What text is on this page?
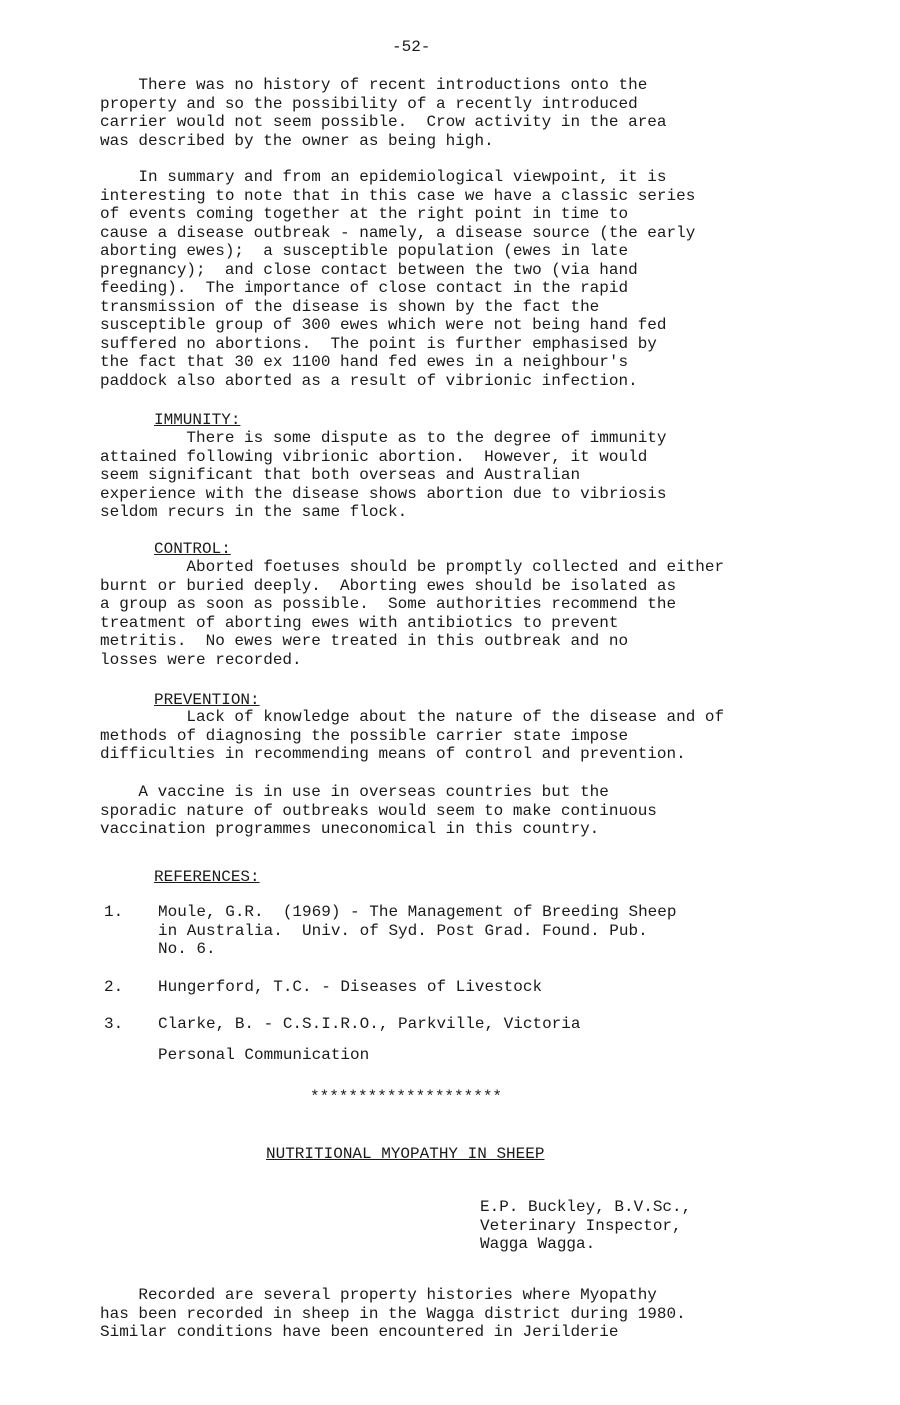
-52-
There was no history of recent introductions onto the
property and so the possibility of a recently introduced
carrier would not seem possible.  Crow activity in the area
was described by the owner as being high.
In summary and from an epidemiological viewpoint, it is
interesting to note that in this case we have a classic series
of events coming together at the right point in time to
cause a disease outbreak - namely, a disease source (the early
aborting ewes);  a susceptible population (ewes in late
pregnancy);  and close contact between the two (via hand
feeding).  The importance of close contact in the rapid
transmission of the disease is shown by the fact the
susceptible group of 300 ewes which were not being hand fed
suffered no abortions.  The point is further emphasised by
the fact that 30 ex 1100 hand fed ewes in a neighbour's
paddock also aborted as a result of vibrionic infection.
IMMUNITY:
There is some dispute as to the degree of immunity
attained following vibrionic abortion.  However, it would
seem significant that both overseas and Australian
experience with the disease shows abortion due to vibriosis
seldom recurs in the same flock.
CONTROL:
Aborted foetuses should be promptly collected and either
burnt or buried deeply.  Aborting ewes should be isolated as
a group as soon as possible.  Some authorities recommend the
treatment of aborting ewes with antibiotics to prevent
metritis.  No ewes were treated in this outbreak and no
losses were recorded.
PREVENTION:
Lack of knowledge about the nature of the disease and of
methods of diagnosing the possible carrier state impose
difficulties in recommending means of control and prevention.
A vaccine is in use in overseas countries but the
sporadic nature of outbreaks would seem to make continuous
vaccination programmes uneconomical in this country.
REFERENCES:
1. Moule, G.R.  (1969) - The Management of Breeding Sheep
in Australia.  Univ. of Syd. Post Grad. Found. Pub.
No. 6.
2. Hungerford, T.C. - Diseases of Livestock
3. Clarke, B. - C.S.I.R.O., Parkville, Victoria
Personal Communication
********************
NUTRITIONAL MYOPATHY IN SHEEP
E.P. Buckley, B.V.Sc.,
Veterinary Inspector,
Wagga Wagga.
Recorded are several property histories where Myopathy
has been recorded in sheep in the Wagga district during 1980.
Similar conditions have been encountered in Jerilderie
